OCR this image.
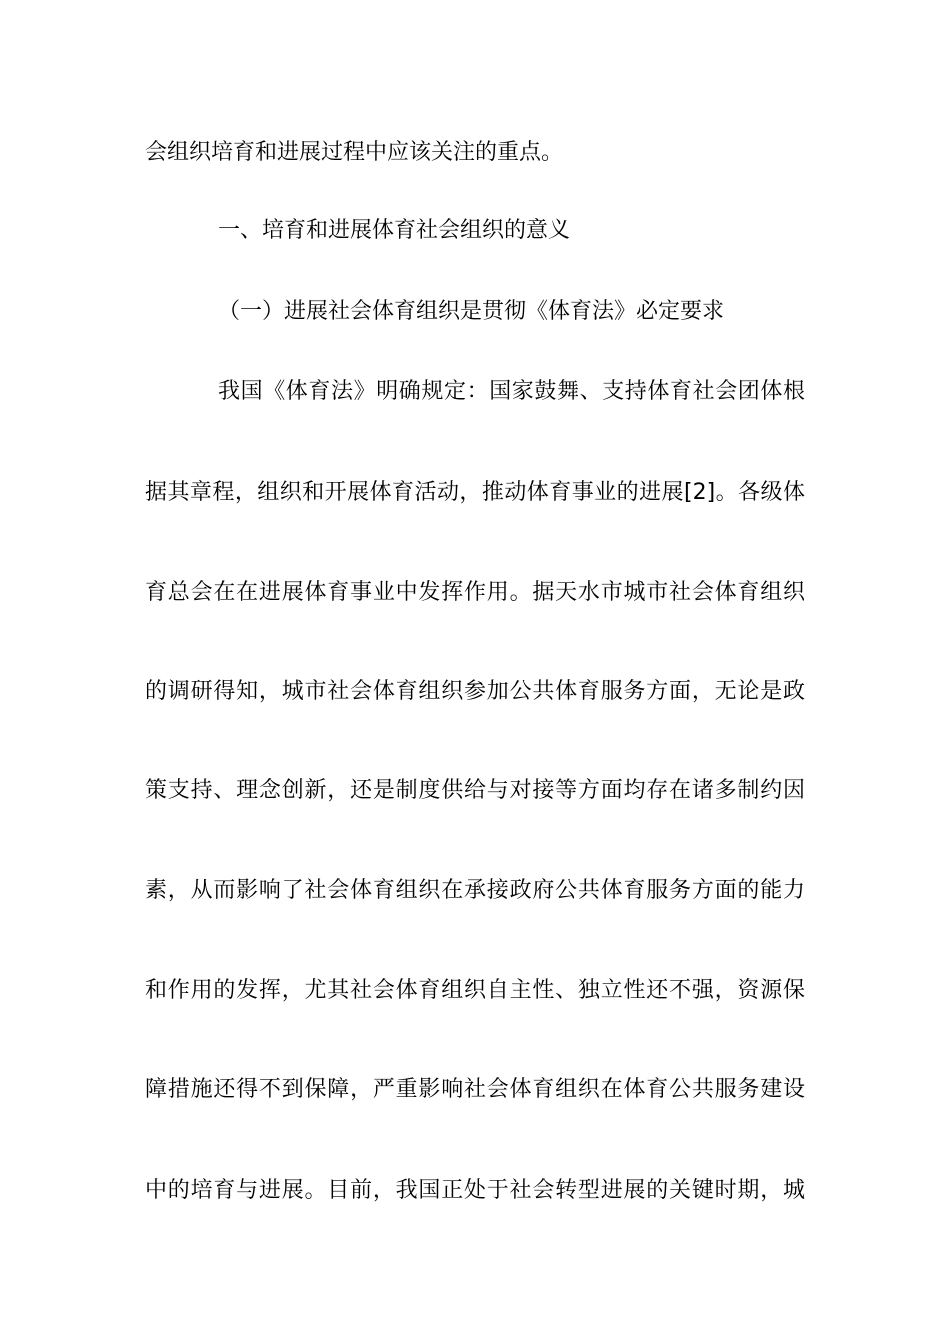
会组织培育和进展过程中应该关注的重点。
一、培育和进展体育社会组织的意义
（一）进展社会体育组织是贯彻《体育法》必定要求
我国《体育法》明确规定：国家鼓舞、支持体育社会团体根
据其章程，组织和开展体育活动，推动体育事业的进展[2]。各级体
育总会在在进展体育事业中发挥作用。据天水市城市社会体育组织
的调研得知，城市社会体育组织参加公共体育服务方面，无论是政
策支持、理念创新，还是制度供给与对接等方面均存在诸多制约因
素，从而影响了社会体育组织在承接政府公共体育服务方面的能力
和作用的发挥，尤其社会体育组织自主性、独立性还不强，资源保
障措施还得不到保障，严重影响社会体育组织在体育公共服务建设
中的培育与进展。目前，我国正处于社会转型进展的关键时期，城
